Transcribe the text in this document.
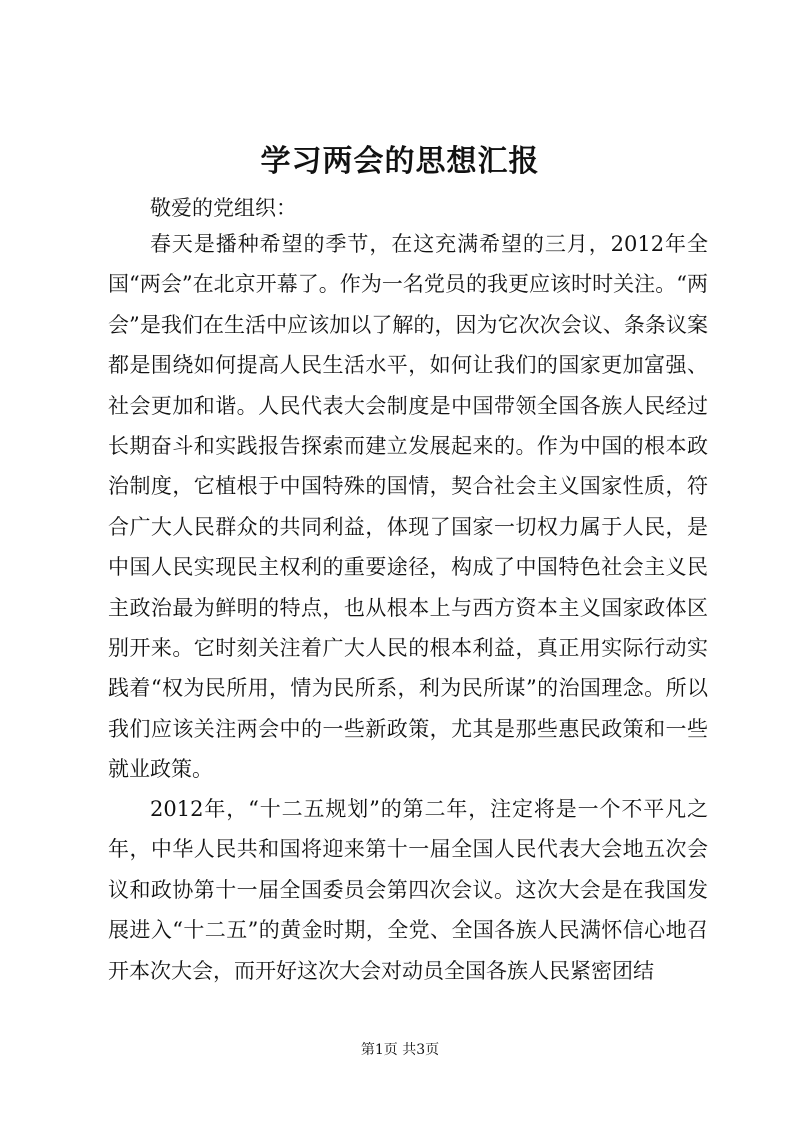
学习两会的思想汇报
敬爱的党组织：

春天是播种希望的季节，在这充满希望的三月，2012年全国“两会”在北京开幕了。作为一名党员的我更应该时时关注。“两会”是我们在生活中应该加以了解的，因为它次次会议、条条议案都是围绕如何提高人民生活水平，如何让我们的国家更加富强、社会更加和谐。人民代表大会制度是中国带领全国各族人民经过长期奋斗和实践报告探索而建立发展起来的。作为中国的根本政治制度，它植根于中国特殊的国情，契合社会主义国家性质，符合广大人民群众的共同利益，体现了国家一切权力属于人民，是中国人民实现民主权利的重要途径，构成了中国特色社会主义民主政治最为鲜明的特点，也从根本上与西方资本主义国家政体区别开来。它时刻关注着广大人民的根本利益，真正用实际行动实践着“权为民所用，情为民所系，利为民所谋”的治国理念。所以我们应该关注两会中的一些新政策，尤其是那些惠民政策和一些就业政策。

2012年，“十二五规划”的第二年，注定将是一个不平凡之年，中华人民共和国将迎来第十一届全国人民代表大会地五次会议和政协第十一届全国委员会第四次会议。这次大会是在我国发展进入“十二五”的黄金时期，全党、全国各族人民满怀信心地召开本次大会，而开好这次大会对动员全国各族人民紧密团结

第1页 共3页
